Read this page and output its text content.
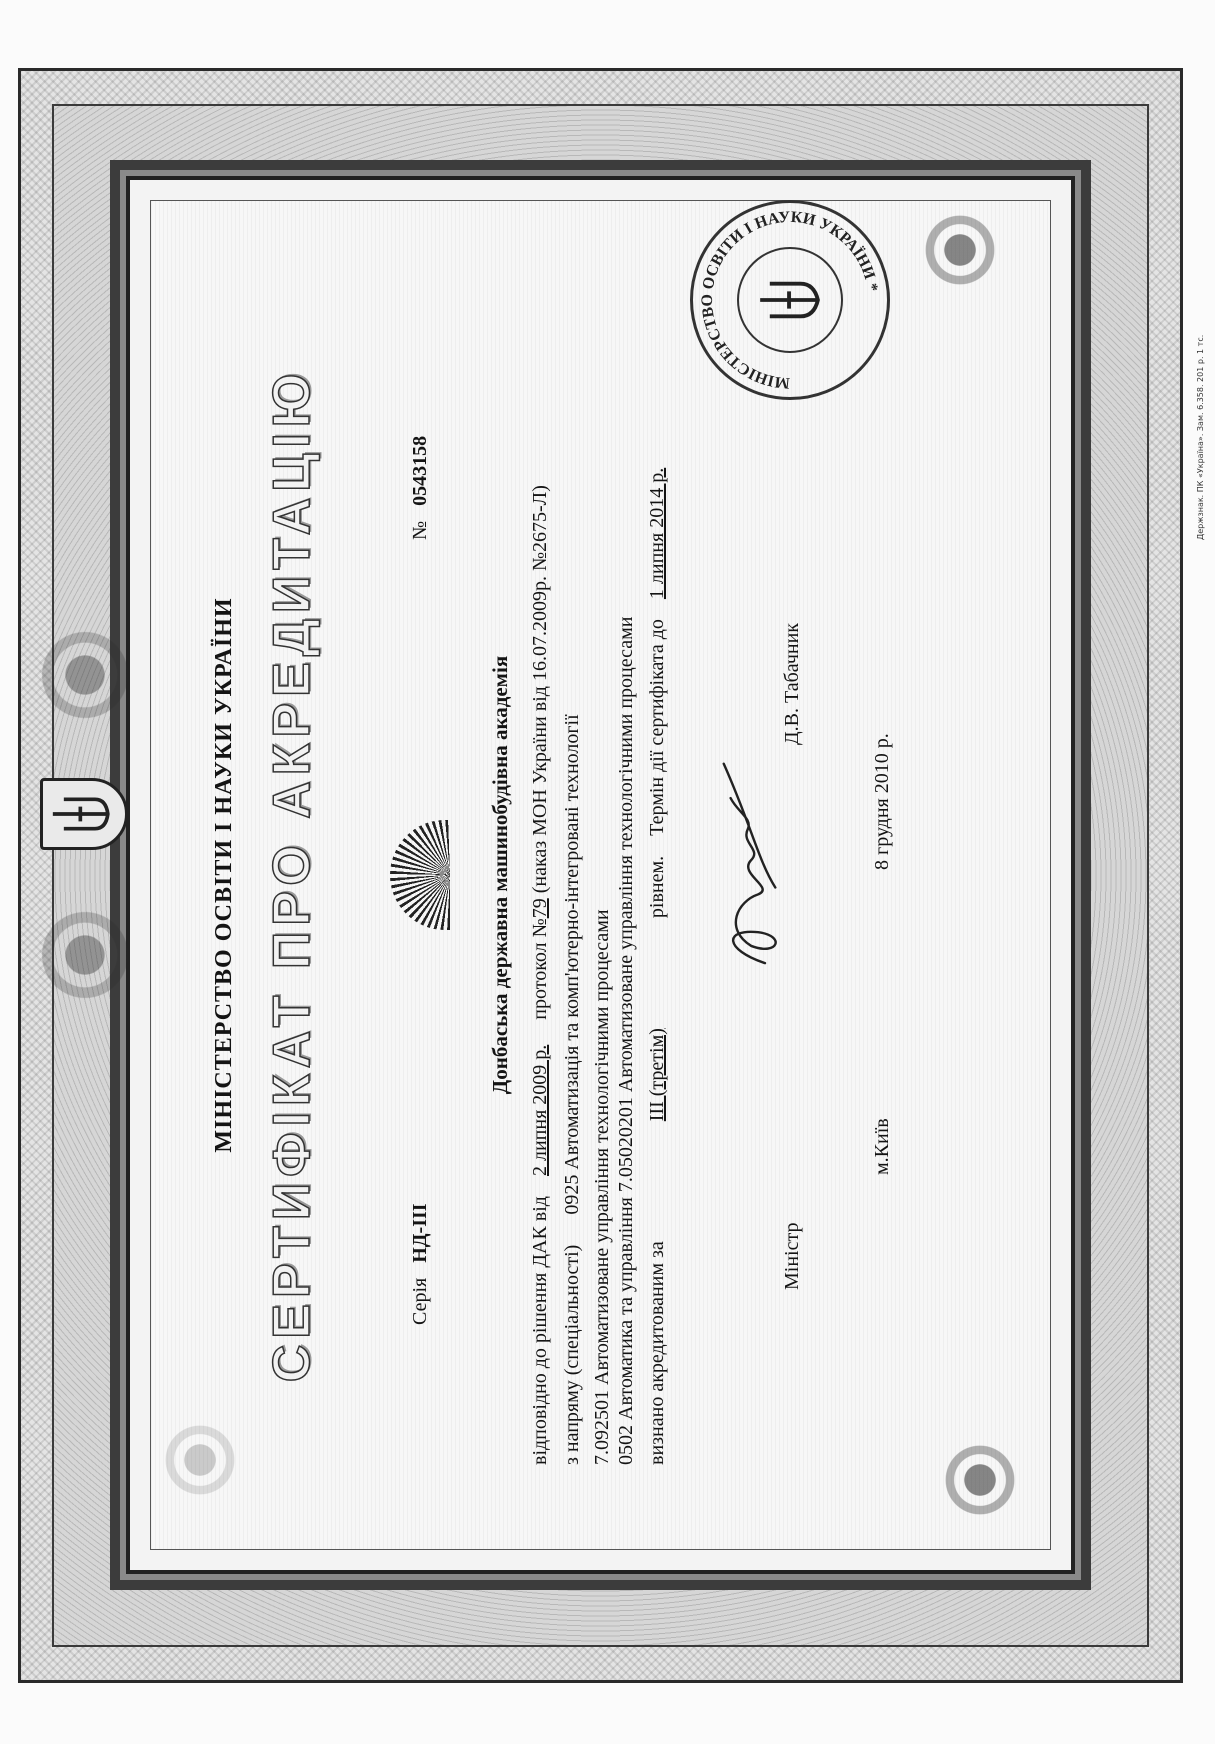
Держзнак. ПК «Україна». Зам. 6.358. 201 р. 1 тс.
МІНІСТЕРСТВО ОСВІТИ І НАУКИ УКРАЇНИ СЕРТИФІКАТ ПРО АКРЕДИТАЦІЮ	Серія   НД-ІІІ
№   0543158
Донбаська державна машинобудівна академія
відповідно до рішення ДАК від    2 липня 2009 р.     протокол №79 (наказ МОН України від 16.07.2009р. №2675-Л)
з напряму (спеціальності)      0925 Автоматизація та комп'ютерно-інтегровані технології 7.092501 Автоматизоване управління технологічними процесами 0502 Автоматика та управління 7.05020201 Автоматизоване управління технологічними процесами визнано акредитованим за  ІІІ (третім)  рівнем.    Термін дії сертифіката до    1 липня 2014 р.
Міністр
Д.В. Табачник
м.Київ
8 грудня 2010 р.
МІНІСТЕРСТВО ОСВІТИ І НАУКИ УКРАЇНИ *
